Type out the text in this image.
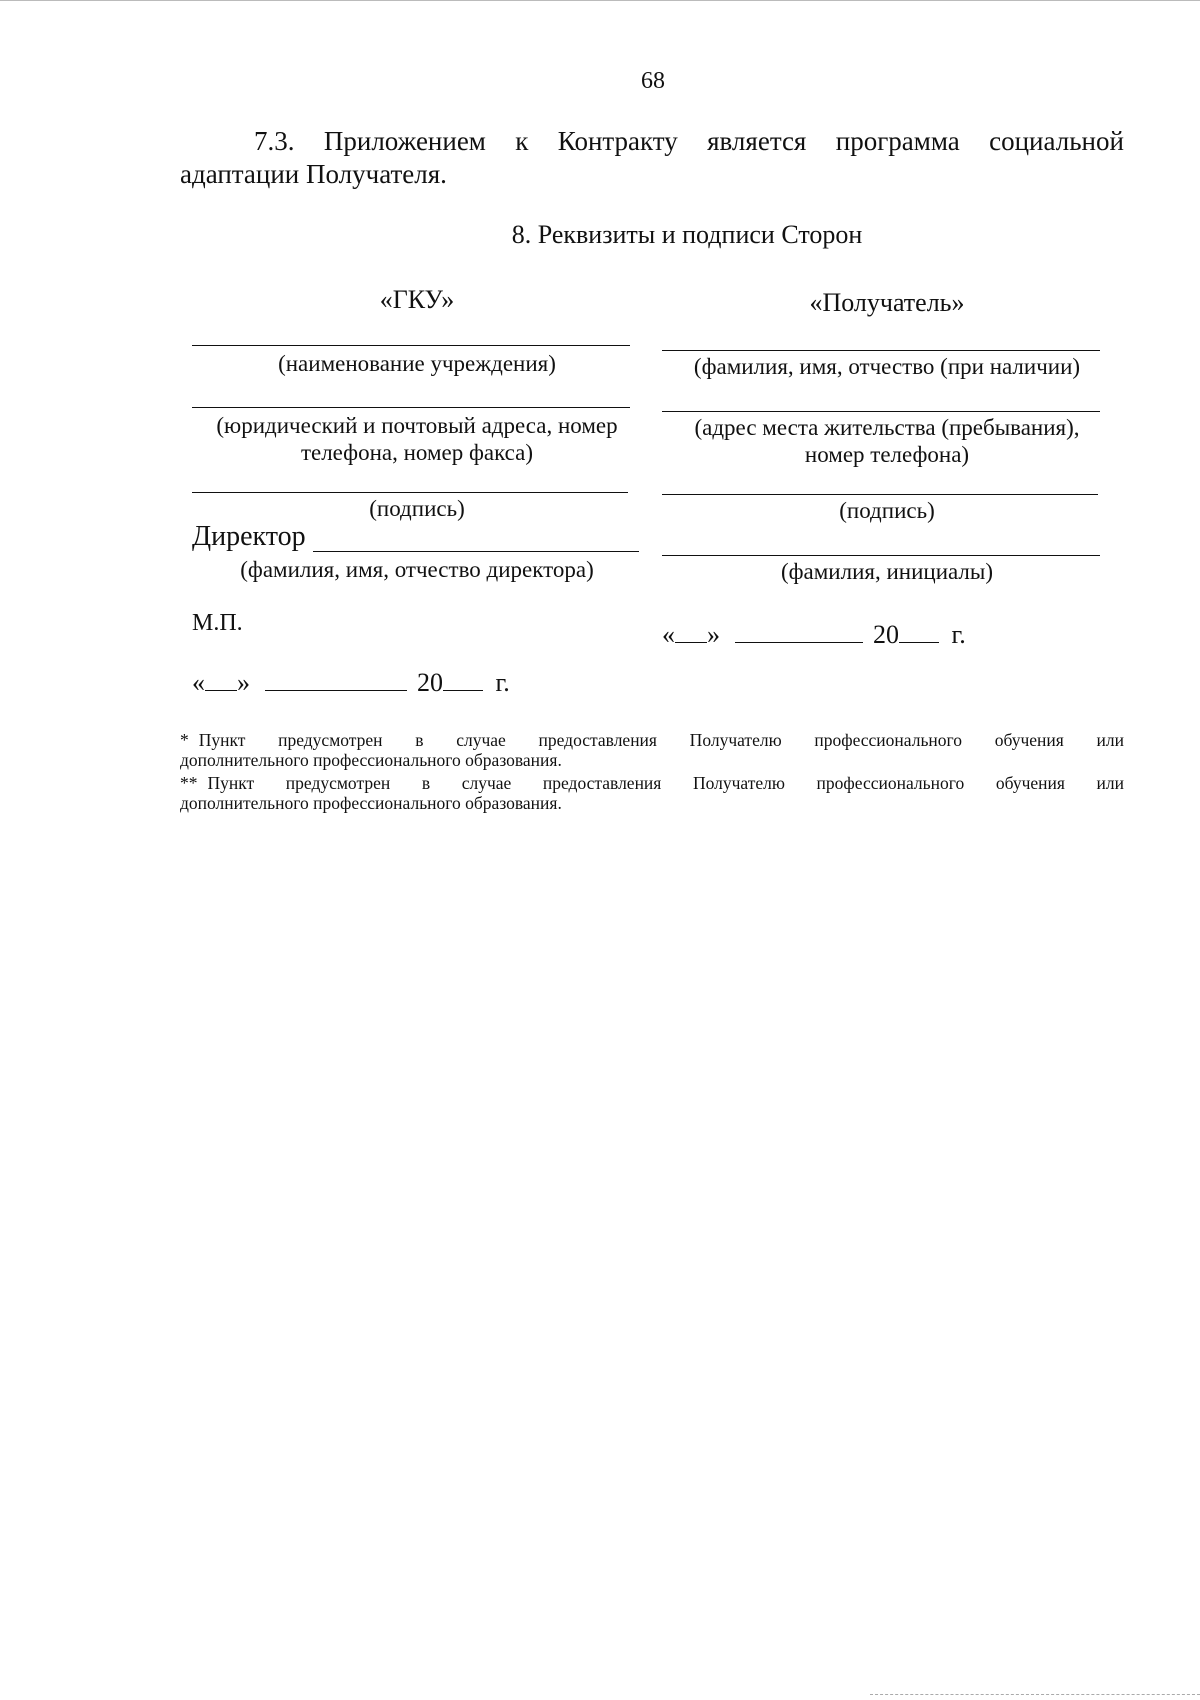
68
7.3. Приложением к Контракту является программа социальной
адаптации Получателя.
8. Реквизиты и подписи Сторон
«ГКУ»
(наименование учреждения)
(юридический и почтовый адреса, номер
телефона, номер факса)
(подпись)
Директор
(фамилия, имя, отчество директора)
М.П.
« »	20 г.
«Получатель»
(фамилия, имя, отчество (при наличии)
(адрес места жительства (пребывания),
номер телефона)
(подпись)
(фамилия, инициалы)
« »	20 г.
* Пункт предусмотрен в случае предоставления Получателю профессионального обучения или
дополнительного профессионального образования.
** Пункт предусмотрен в случае предоставления Получателю профессионального обучения или
дополнительного профессионального образования.
